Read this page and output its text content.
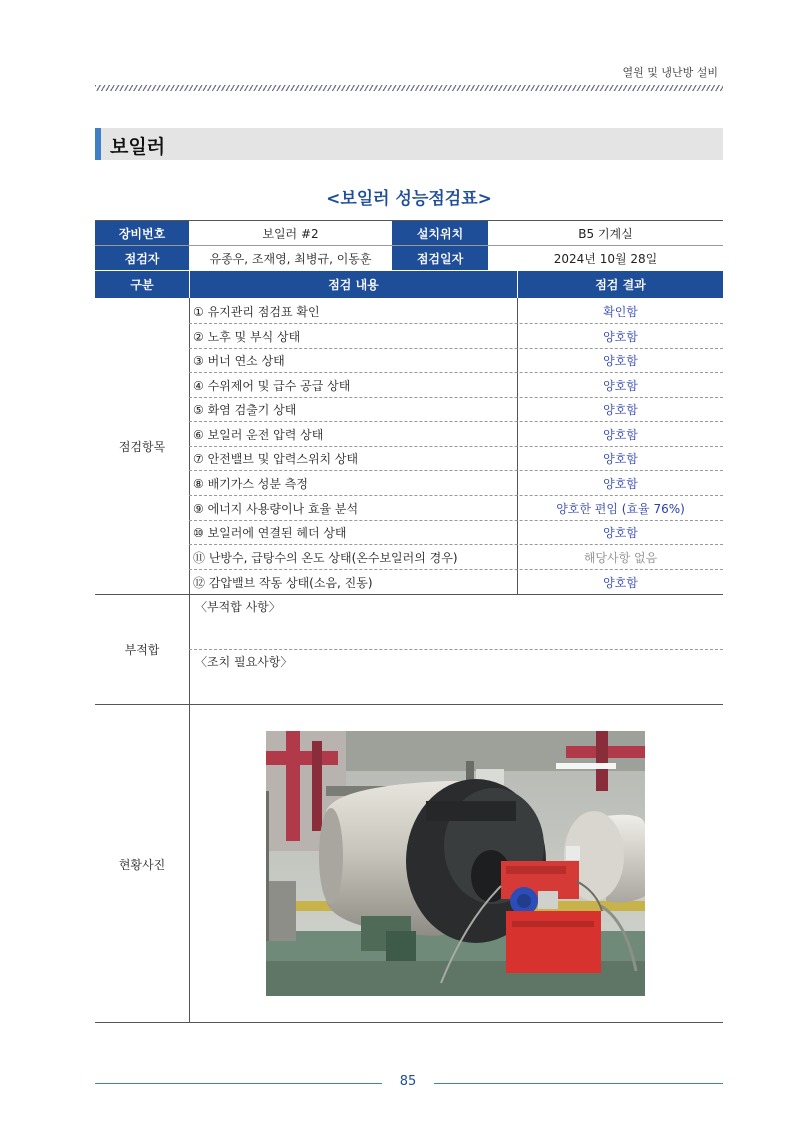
열원 및 냉난방 설비
보일러
<보일러 성능점검표>
장비번호	보일러 #2	설치위치	B5 기계실
점검자	유종우, 조재영, 최병규, 이동훈	점검일자	2024년 10월 28일
구분	점검 내용	점검 결과
점검항목
① 유지관리 점검표 확인	확인함
② 노후 및 부식 상태	양호함
③ 버너 연소 상태	양호함
④ 수위제어 및 급수 공급 상태	양호함
⑤ 화염 검출기 상태	양호함
⑥ 보일러 운전 압력 상태	양호함
⑦ 안전밸브 및 압력스위치 상태	양호함
⑧ 배기가스 성분 측정	양호함
⑨ 에너지 사용량이나 효율 분석	양호한 편임 (효율 76%)
⑩ 보일러에 연결된 헤더 상태	양호함
⑪ 난방수, 급탕수의 온도 상태(온수보일러의 경우)	해당사항 없음
⑫ 감압밸브 작동 상태(소음, 진동)	양호함
부적합
〈부적합 사항〉
〈조치 필요사항〉
현황사진
85
